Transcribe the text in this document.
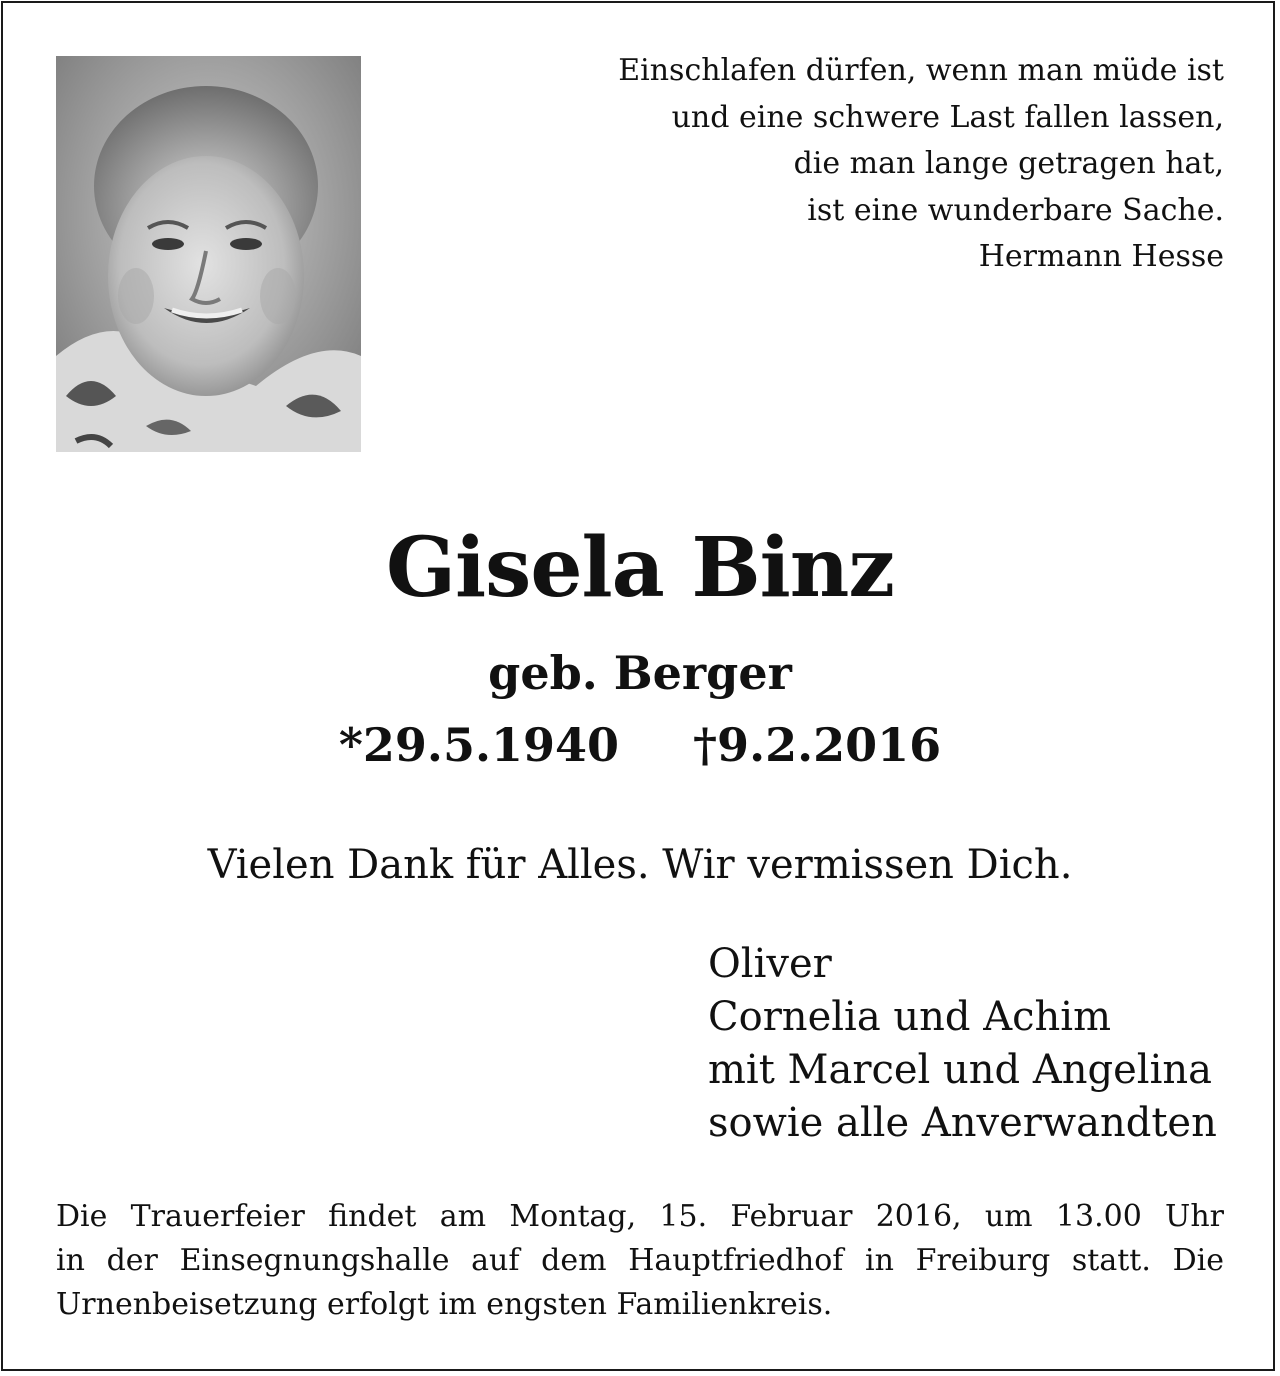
Einschlafen dürfen, wenn man müde ist
und eine schwere Last fallen lassen,
die man lange getragen hat,
ist eine wunderbare Sache.
Hermann Hesse
Gisela Binz
geb. Berger
*29.5.1940 †9.2.2016
Vielen Dank für Alles. Wir vermissen Dich.
Oliver
Cornelia und Achim
mit Marcel und Angelina
sowie alle Anverwandten
Die Trauerfeier findet am Montag, 15. Februar 2016, um 13.00 Uhr
in der Einsegnungshalle auf dem Hauptfriedhof in Freiburg statt. Die
Urnenbeisetzung erfolgt im engsten Familienkreis.
